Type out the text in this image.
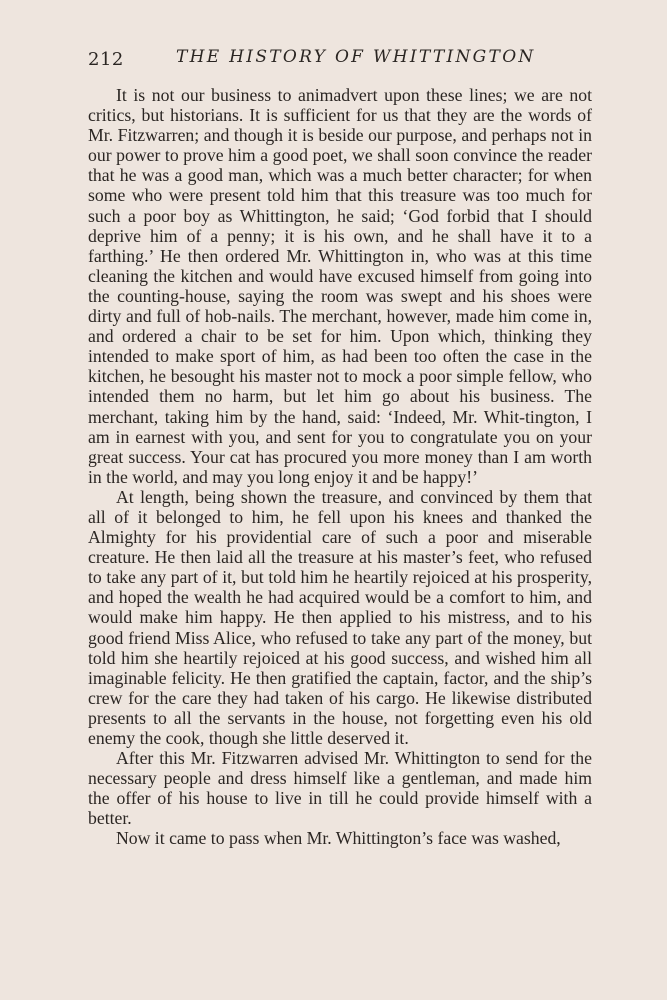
212	THE HISTORY OF WHITTINGTON

It is not our business to animadvert upon these lines; we are not critics, but historians. It is sufficient for us that they are the words of Mr. Fitzwarren; and though it is beside our purpose, and perhaps not in our power to prove him a good poet, we shall soon convince the reader that he was a good man, which was a much better character; for when some who were present told him that this treasure was too much for such a poor boy as Whittington, he said; ‘God forbid that I should deprive him of a penny; it is his own, and he shall have it to a farthing.’ He then ordered Mr. Whittington in, who was at this time cleaning the kitchen and would have excused himself from going into the counting-house, saying the room was swept and his shoes were dirty and full of hob-nails. The merchant, however, made him come in, and ordered a chair to be set for him. Upon which, thinking they intended to make sport of him, as had been too often the case in the kitchen, he besought his master not to mock a poor simple fellow, who intended them no harm, but let him go about his business. The merchant, taking him by the hand, said: ‘Indeed, Mr. Whit-tington, I am in earnest with you, and sent for you to congratulate you on your great success. Your cat has procured you more money than I am worth in the world, and may you long enjoy it and be happy!’

At length, being shown the treasure, and convinced by them that all of it belonged to him, he fell upon his knees and thanked the Almighty for his providential care of such a poor and miserable creature. He then laid all the treasure at his master’s feet, who refused to take any part of it, but told him he heartily rejoiced at his prosperity, and hoped the wealth he had acquired would be a comfort to him, and would make him happy. He then applied to his mistress, and to his good friend Miss Alice, who refused to take any part of the money, but told him she heartily rejoiced at his good success, and wished him all imaginable felicity. He then gratified the captain, factor, and the ship’s crew for the care they had taken of his cargo. He likewise distributed presents to all the servants in the house, not forgetting even his old enemy the cook, though she little deserved it.

After this Mr. Fitzwarren advised Mr. Whittington to send for the necessary people and dress himself like a gentleman, and made him the offer of his house to live in till he could provide himself with a better.

Now it came to pass when Mr. Whittington’s face was washed,
